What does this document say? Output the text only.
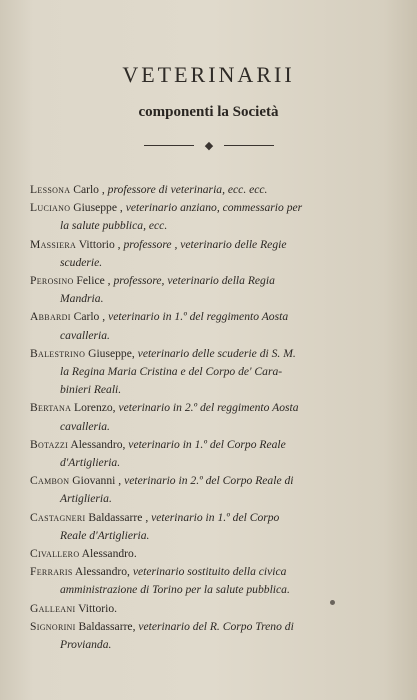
VETERINARII
componenti la Società
◆
Lessona Carlo , professore di veterinaria, ecc. ecc.
Luciano Giuseppe , veterinario anziano, commessario per
la salute pubblica, ecc.
Massiera Vittorio , professore , veterinario delle Regie
scuderie.
Perosino Felice , professore, veterinario della Regia
Mandria.
Abbardi Carlo , veterinario in 1.º del reggimento Aosta
cavalleria.
Balestrino Giuseppe, veterinario delle scuderie di S. M.
la Regina Maria Cristina e del Corpo de' Cara-
binieri Reali.
Bertana Lorenzo, veterinario in 2.º del reggimento Aosta
cavalleria.
Botazzi Alessandro, veterinario in 1.º del Corpo Reale
d'Artiglieria.
Cambon Giovanni , veterinario in 2.º del Corpo Reale di
Artiglieria.
Castagneri Baldassarre , veterinario in 1.º del Corpo
Reale d'Artiglieria.
Civallero Alessandro.
Ferraris Alessandro, veterinario sostituito della civica
amministrazione di Torino per la salute pubblica.
Galleani Vittorio.
Signorini Baldassarre, veterinario del R. Corpo Treno di
Provianda.
